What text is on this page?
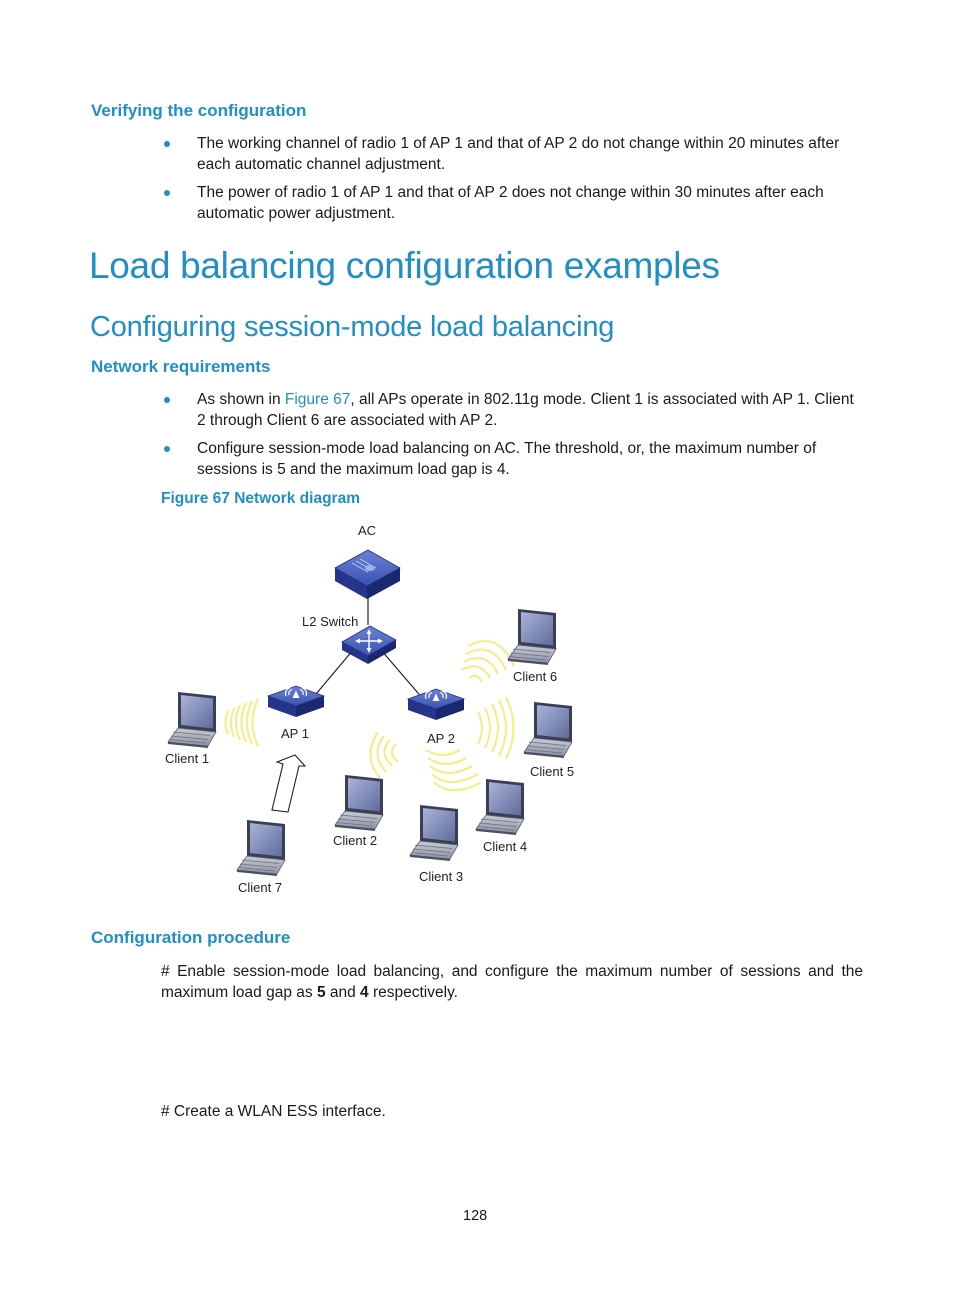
Verifying the configuration
The working channel of radio 1 of AP 1 and that of AP 2 do not change within 20 minutes after each automatic channel adjustment.
The power of radio 1 of AP 1 and that of AP 2 does not change within 30 minutes after each automatic power adjustment.
Load balancing configuration examples
Configuring session-mode load balancing
Network requirements
As shown in Figure 67, all APs operate in 802.11g mode. Client 1 is associated with AP 1. Client 2 through Client 6 are associated with AP 2.
Configure session-mode load balancing on AC. The threshold, or, the maximum number of sessions is 5 and the maximum load gap is 4.
Figure 67 Network diagram
AC
L2 Switch
AP 1	AP 2
Client 1
Client 2
Client 3
Client 4
Client 5
Client 6
Client 7
Configuration procedure
# Enable session-mode load balancing, and configure the maximum number of sessions and the maximum load gap as 5 and 4 respectively.
# Create a WLAN ESS interface.
128
